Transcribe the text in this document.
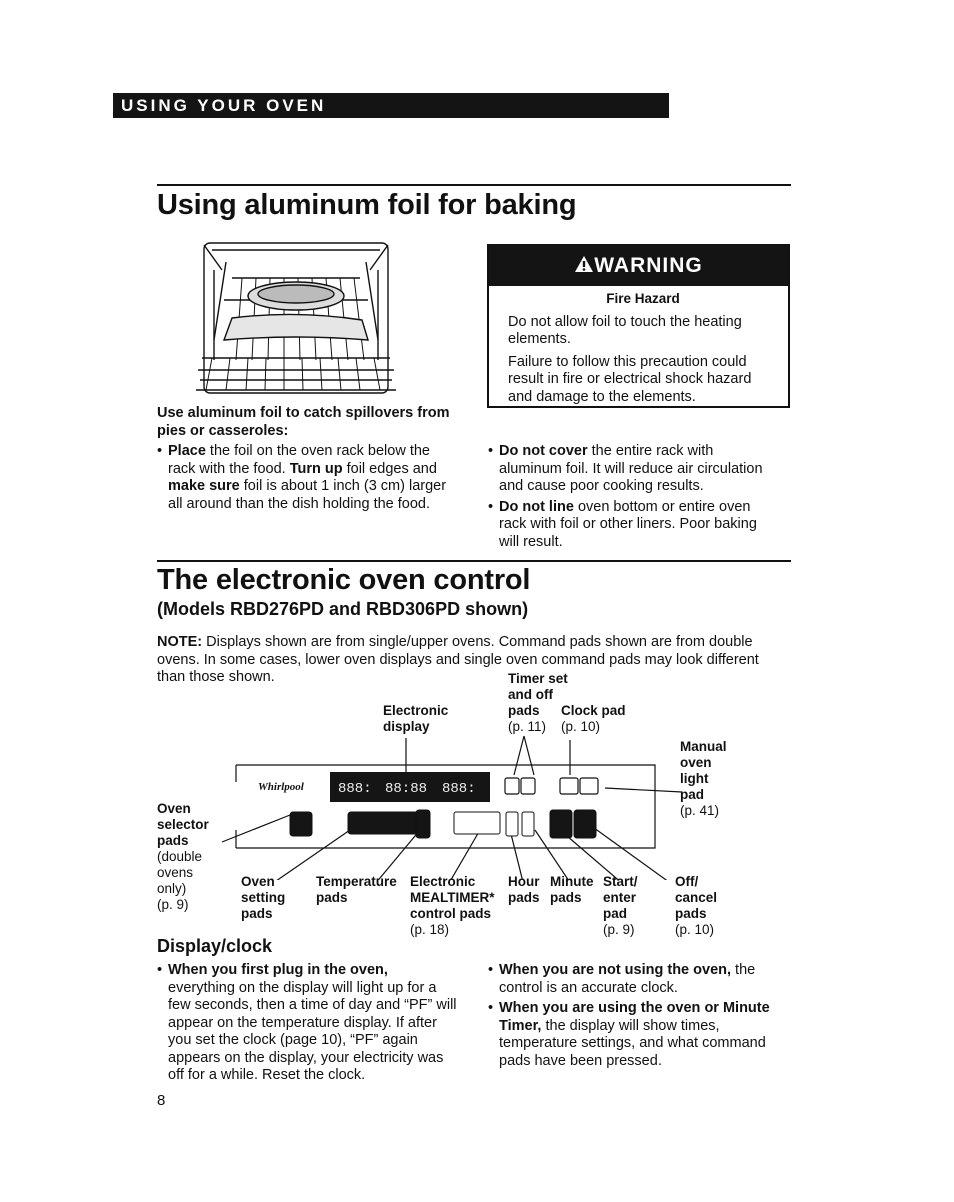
USING YOUR OVEN
Using aluminum foil for baking
Use aluminum foil to catch spillovers from pies or casseroles:
• Place the foil on the oven rack below the rack with the food. Turn up foil edges and make sure foil is about 1 inch (3 cm) larger all around than the dish holding the food.
WARNING
Fire Hazard

Do not allow foil to touch the heating elements.

Failure to follow this precaution could result in fire or electrical shock hazard and damage to the elements.

• Do not cover the entire rack with aluminum foil. It will reduce air circulation and cause poor cooking results.
• Do not line oven bottom or entire oven rack with foil or other liners. Poor baking will result.
The electronic oven control
(Models RBD276PD and RBD306PD shown)
NOTE: Displays shown are from single/upper ovens. Command pads shown are from double ovens. In some cases, lower oven displays and single oven command pads may look different than those shown.
Whirlpool 888: 88:88 888:
Electronic
display
Timer set
and off
pads
(p. 11)
Clock pad
(p. 10)
Manual
oven
light
pad
(p. 41)
Oven
selector
pads
(double
ovens
only)
(p. 9)
Oven
setting
pads
Temperature
pads
Electronic
MEALTIMER*
control pads
(p. 18)
Hour
pads
Minute
pads
Start/
enter
pad
(p. 9)
Off/
cancel
pads
(p. 10)
Display/clock
• When you first plug in the oven, everything on the display will light up for a few seconds, then a time of day and “PF” will appear on the temperature display. If after you set the clock (page 10), “PF” again appears on the display, your electricity was off for a while. Reset the clock.
• When you are not using the oven, the control is an accurate clock.
• When you are using the oven or Minute Timer, the display will show times, temperature settings, and what command pads have been pressed.
8
